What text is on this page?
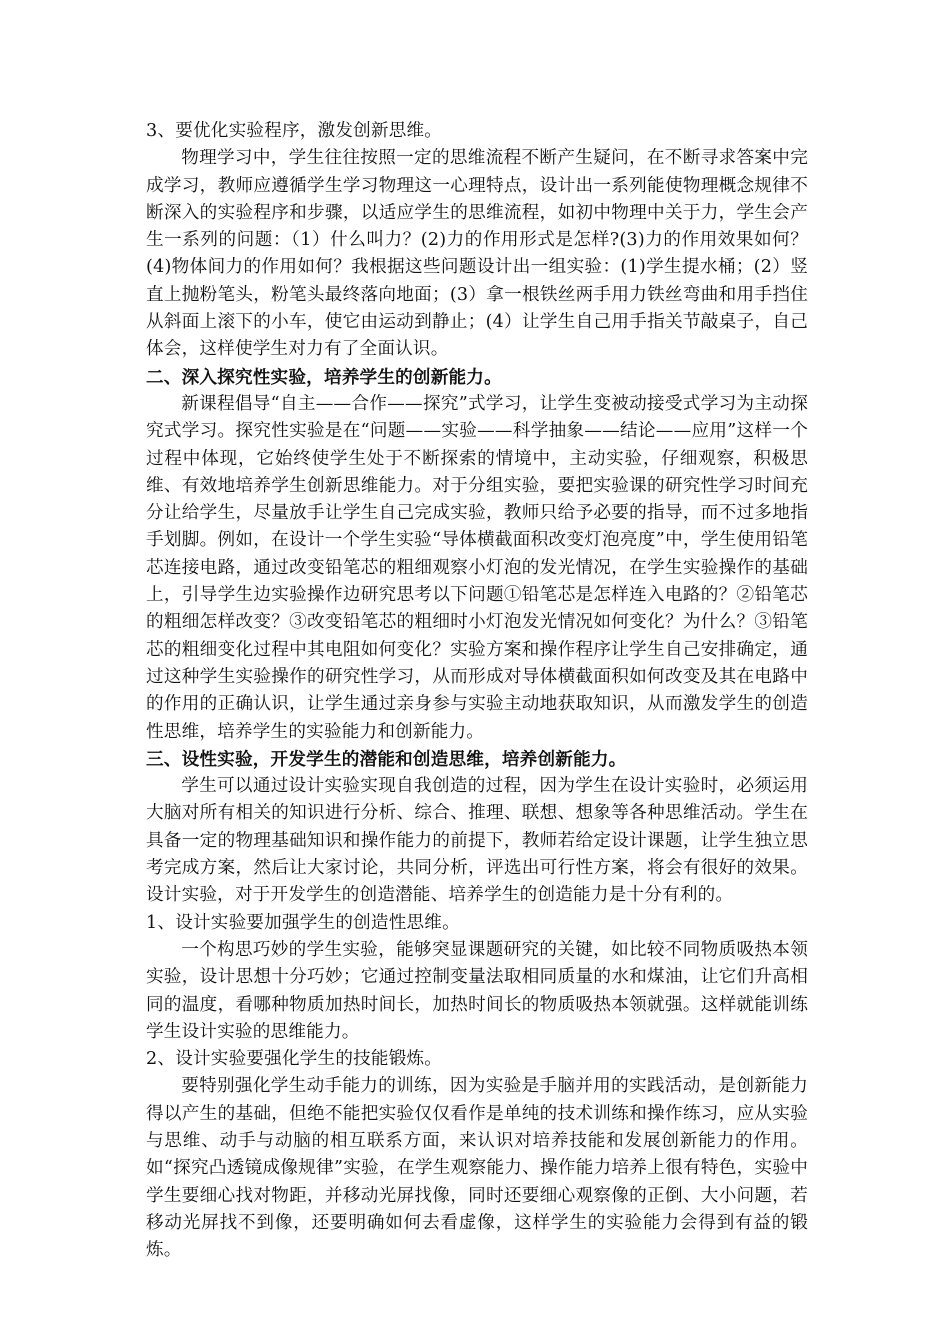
3、要优化实验程序，激发创新思维。

物理学习中，学生往往按照一定的思维流程不断产生疑问，在不断寻求答案中完成学习，教师应遵循学生学习物理这一心理特点，设计出一系列能使物理概念规律不断深入的实验程序和步骤，以适应学生的思维流程，如初中物理中关于力，学生会产生一系列的问题：（1）什么叫力？(2)力的作用形式是怎样?(3)力的作用效果如何？(4)物体间力的作用如何？我根据这些问题设计出一组实验：(1)学生提水桶；(2）竖直上抛粉笔头，粉笔头最终落向地面；(3）拿一根铁丝两手用力铁丝弯曲和用手挡住从斜面上滚下的小车，使它由运动到静止；(4）让学生自己用手指关节敲桌子，自己体会，这样使学生对力有了全面认识。

二、深入探究性实验，培养学生的创新能力。

新课程倡导“自主——合作——探究”式学习，让学生变被动接受式学习为主动探究式学习。探究性实验是在“问题——实验——科学抽象——结论——应用”这样一个过程中体现，它始终使学生处于不断探索的情境中，主动实验，仔细观察，积极思维、有效地培养学生创新思维能力。对于分组实验，要把实验课的研究性学习时间充分让给学生，尽量放手让学生自己完成实验，教师只给予必要的指导，而不过多地指手划脚。例如，在设计一个学生实验“导体横截面积改变灯泡亮度”中，学生使用铅笔芯连接电路，通过改变铅笔芯的粗细观察小灯泡的发光情况，在学生实验操作的基础上，引导学生边实验操作边研究思考以下问题①铅笔芯是怎样连入电路的？②铅笔芯的粗细怎样改变？③改变铅笔芯的粗细时小灯泡发光情况如何变化？为什么？③铅笔芯的粗细变化过程中其电阻如何变化？实验方案和操作程序让学生自己安排确定，通过这种学生实验操作的研究性学习，从而形成对导体横截面积如何改变及其在电路中的作用的正确认识，让学生通过亲身参与实验主动地获取知识，从而激发学生的创造性思维，培养学生的实验能力和创新能力。

三、设性实验，开发学生的潜能和创造思维，培养创新能力。

学生可以通过设计实验实现自我创造的过程，因为学生在设计实验时，必须运用大脑对所有相关的知识进行分析、综合、推理、联想、想象等各种思维活动。学生在具备一定的物理基础知识和操作能力的前提下，教师若给定设计课题，让学生独立思考完成方案，然后让大家讨论，共同分析，评选出可行性方案，将会有很好的效果。设计实验，对于开发学生的创造潜能、培养学生的创造能力是十分有利的。

1、设计实验要加强学生的创造性思维。

一个构思巧妙的学生实验，能够突显课题研究的关键，如比较不同物质吸热本领实验，设计思想十分巧妙；它通过控制变量法取相同质量的水和煤油，让它们升高相同的温度，看哪种物质加热时间长，加热时间长的物质吸热本领就强。这样就能训练学生设计实验的思维能力。

2、设计实验要强化学生的技能锻炼。

要特别强化学生动手能力的训练，因为实验是手脑并用的实践活动，是创新能力得以产生的基础，但绝不能把实验仅仅看作是单纯的技术训练和操作练习，应从实验与思维、动手与动脑的相互联系方面，来认识对培养技能和发展创新能力的作用。如“探究凸透镜成像规律”实验，在学生观察能力、操作能力培养上很有特色，实验中学生要细心找对物距，并移动光屏找像，同时还要细心观察像的正倒、大小问题，若移动光屏找不到像，还要明确如何去看虚像，这样学生的实验能力会得到有益的锻炼。
